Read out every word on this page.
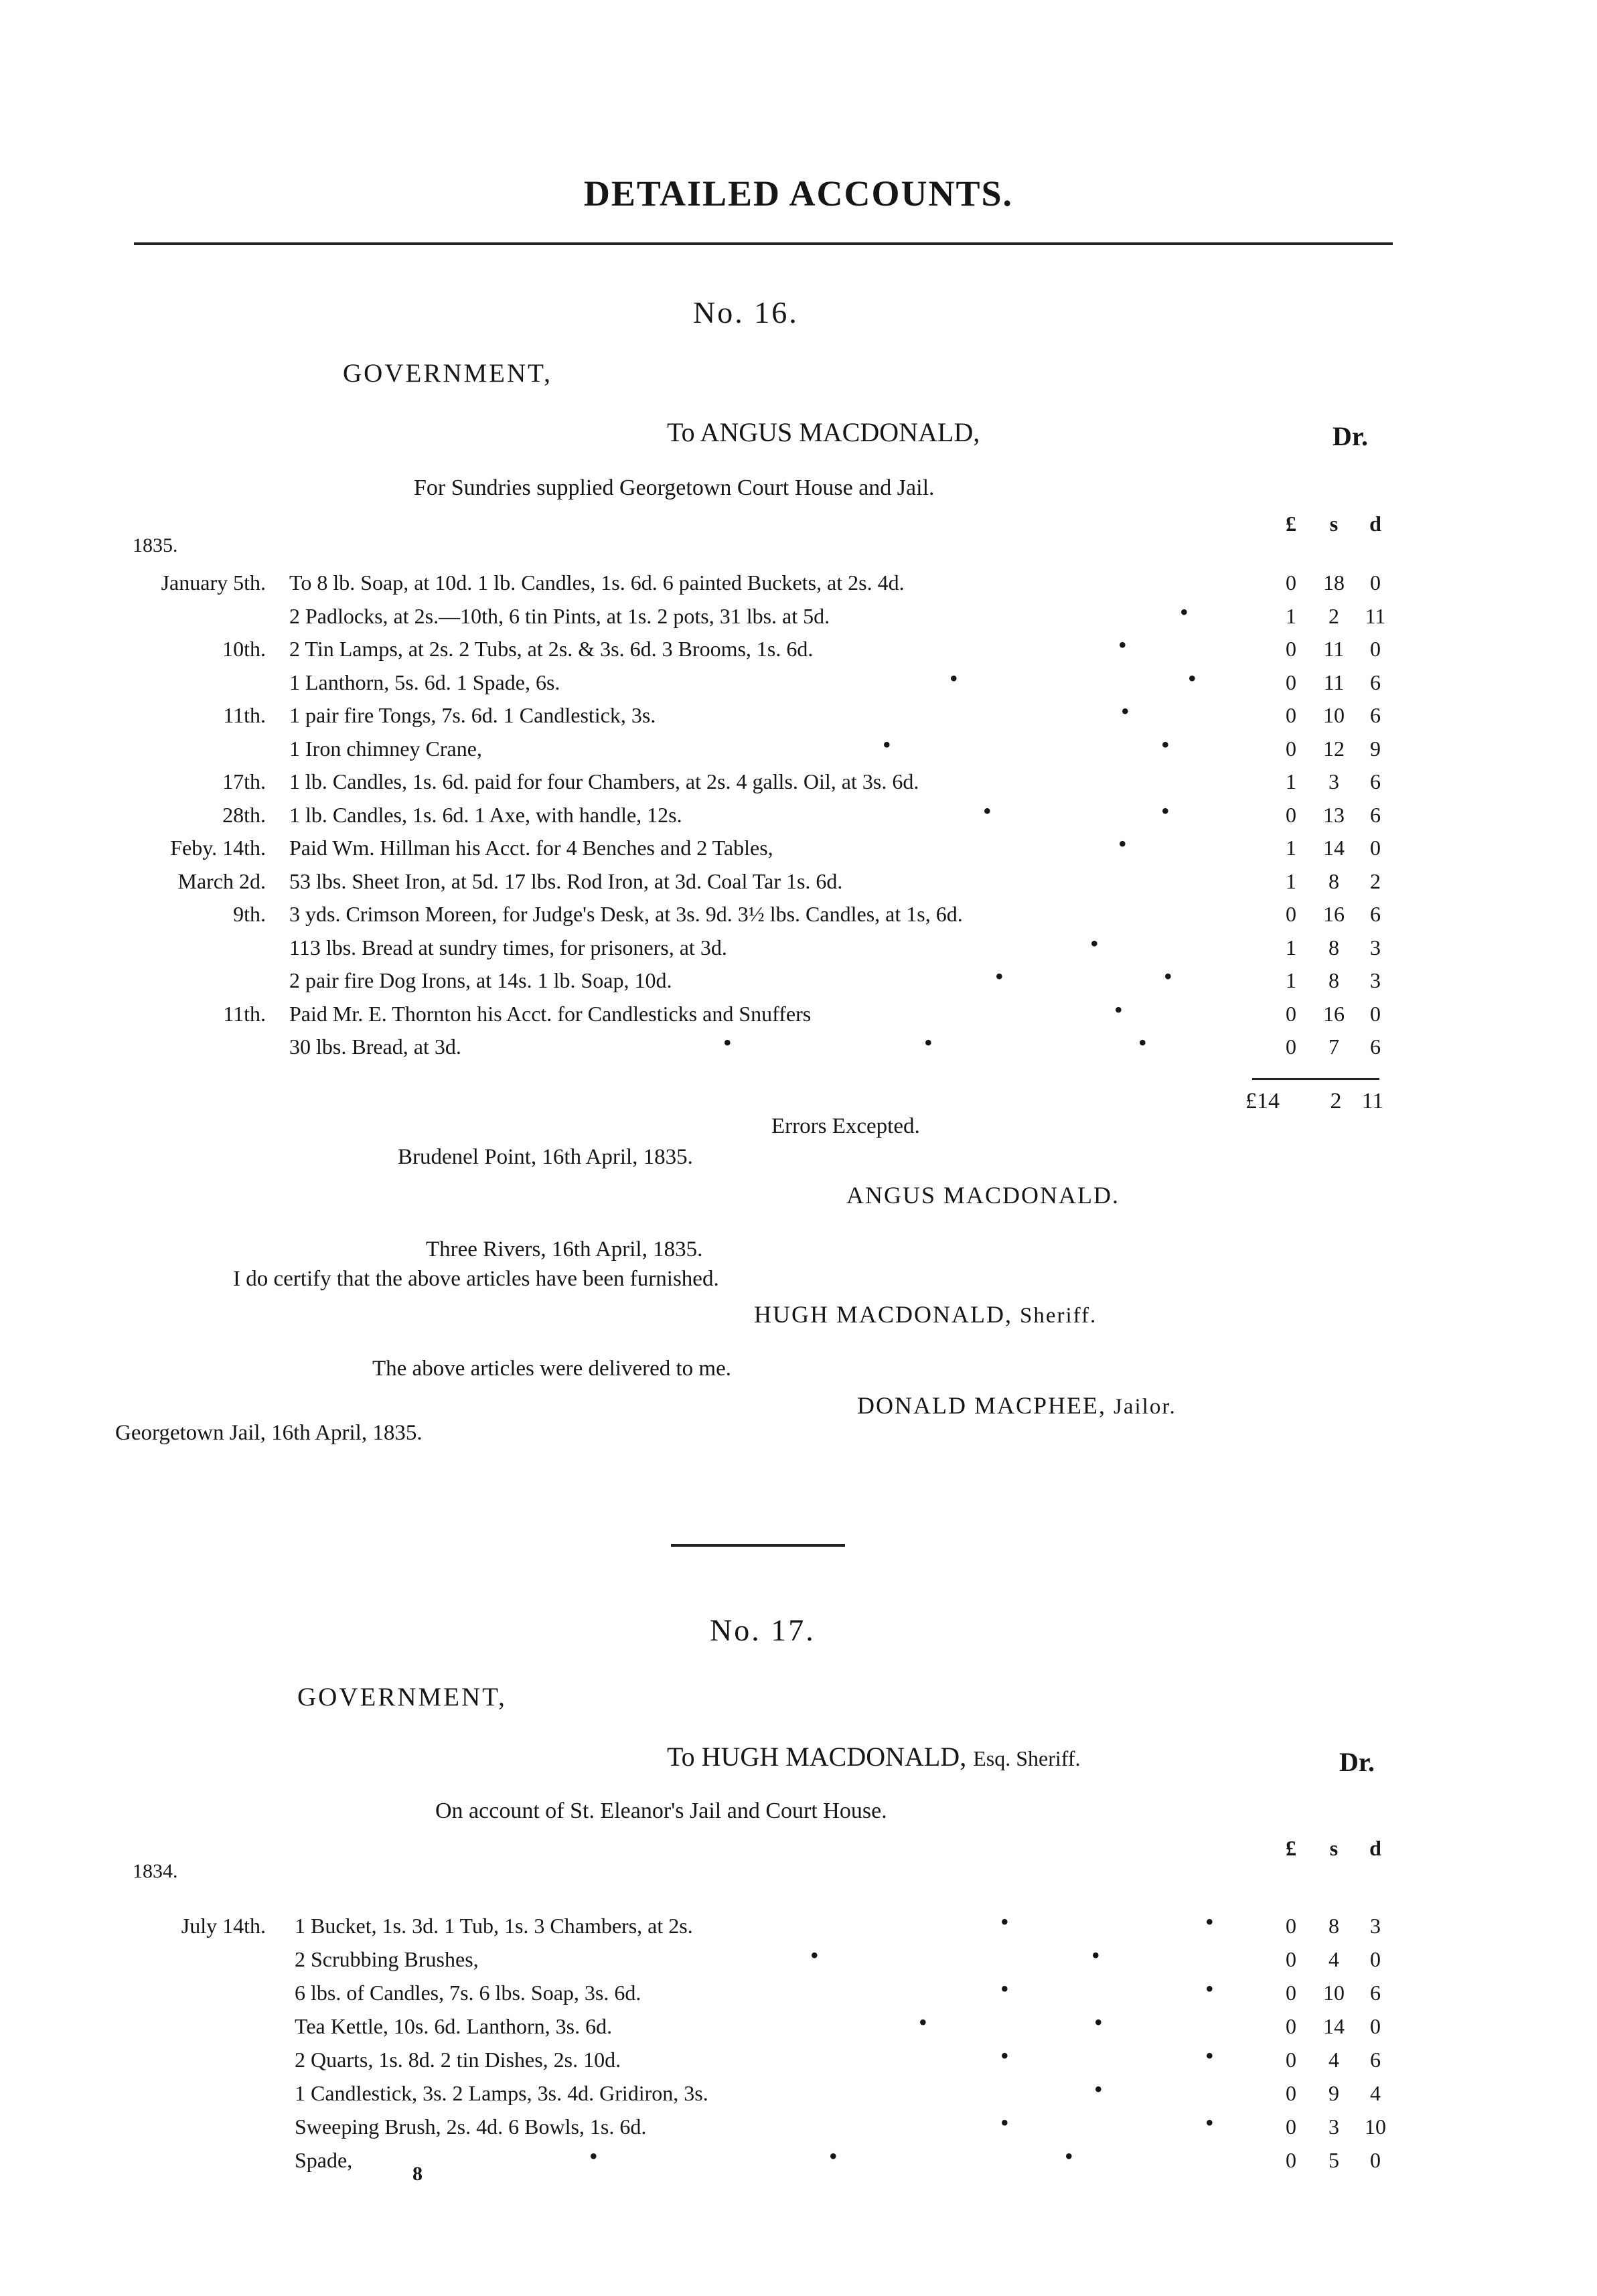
DETAILED ACCOUNTS.
No. 16.
GOVERNMENT,
To ANGUS MACDONALD,	Dr.
For Sundries supplied Georgetown Court House and Jail.
£	s	d
1835.
January 5th. To 8 lb. Soap, at 10d. 1 lb. Candles, 1s. 6d. 6 painted Buckets, at 2s. 4d.	0	18	0
2 Padlocks, at 2s.—10th, 6 tin Pints, at 1s. 2 pots, 31 lbs. at 5d.	1	2	11
•
10th. 2 Tin Lamps, at 2s. 2 Tubs, at 2s. & 3s. 6d. 3 Brooms, 1s. 6d.	0	11	0
•
1 Lanthorn, 5s. 6d. 1 Spade, 6s.	0	11	6
•	•
11th. 1 pair fire Tongs, 7s. 6d. 1 Candlestick, 3s.	0	10	6
•
1 Iron chimney Crane,	0	12	9
•	•
17th. 1 lb. Candles, 1s. 6d. paid for four Chambers, at 2s. 4 galls. Oil, at 3s. 6d.	1	3	6
28th. 1 lb. Candles, 1s. 6d. 1 Axe, with handle, 12s.	0	13	6
•	•
Feby. 14th. Paid Wm. Hillman his Acct. for 4 Benches and 2 Tables,	1	14	0
•
March 2d. 53 lbs. Sheet Iron, at 5d. 17 lbs. Rod Iron, at 3d. Coal Tar 1s. 6d.	1	8	2
9th. 3 yds. Crimson Moreen, for Judge's Desk, at 3s. 9d. 3½ lbs. Candles, at 1s, 6d.	0	16	6
113 lbs. Bread at sundry times, for prisoners, at 3d.	1	8	3
•
2 pair fire Dog Irons, at 14s. 1 lb. Soap, 10d.	1	8	3
•	•
11th. Paid Mr. E. Thornton his Acct. for Candlesticks and Snuffers	0	16	0
•
30 lbs. Bread, at 3d.	0	7	6
•	•	•
£14 2 11
Errors Excepted.
Brudenel Point, 16th April, 1835.
ANGUS MACDONALD.
Three Rivers, 16th April, 1835.
I do certify that the above articles have been furnished.
HUGH MACDONALD, Sheriff.
The above articles were delivered to me.
DONALD MACPHEE, Jailor.
Georgetown Jail, 16th April, 1835.
No. 17.
GOVERNMENT,
To HUGH MACDONALD, Esq. Sheriff.	Dr.
On account of St. Eleanor's Jail and Court House.
£	s	d
1834.
July 14th. 1 Bucket, 1s. 3d. 1 Tub, 1s. 3 Chambers, at 2s.	0	8	3
•	•
2 Scrubbing Brushes,	0	4	0
•	•
6 lbs. of Candles, 7s. 6 lbs. Soap, 3s. 6d.	0	10	6
•	•
Tea Kettle, 10s. 6d. Lanthorn, 3s. 6d.	0	14	0
•	•
2 Quarts, 1s. 8d. 2 tin Dishes, 2s. 10d.	0	4	6
•	•
1 Candlestick, 3s. 2 Lamps, 3s. 4d. Gridiron, 3s.	0	9	4
•
Sweeping Brush, 2s. 4d. 6 Bowls, 1s. 6d.	0	3	10
•	•
Spade,	0	5	0
•	•	•
8
